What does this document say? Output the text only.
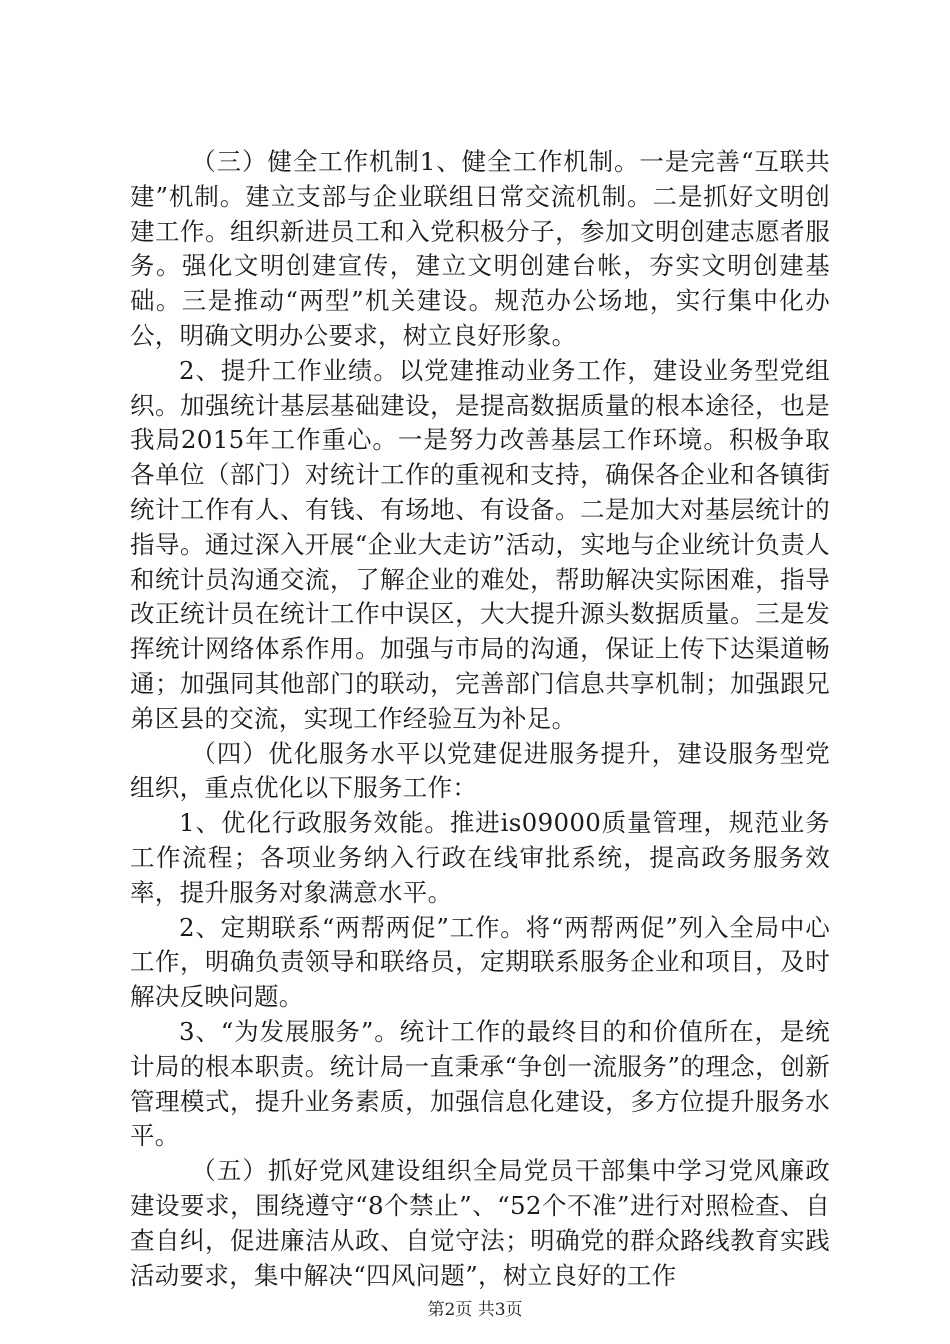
（三）健全工作机制1、健全工作机制。一是完善“互联共建”机制。建立支部与企业联组日常交流机制。二是抓好文明创建工作。组织新进员工和入党积极分子，参加文明创建志愿者服务。强化文明创建宣传，建立文明创建台帐，夯实文明创建基础。三是推动“两型”机关建设。规范办公场地，实行集中化办公，明确文明办公要求，树立良好形象。

2、提升工作业绩。以党建推动业务工作，建设业务型党组织。加强统计基层基础建设，是提高数据质量的根本途径，也是我局2015年工作重心。一是努力改善基层工作环境。积极争取各单位（部门）对统计工作的重视和支持，确保各企业和各镇街统计工作有人、有钱、有场地、有设备。二是加大对基层统计的指导。通过深入开展“企业大走访”活动，实地与企业统计负责人和统计员沟通交流，了解企业的难处，帮助解决实际困难，指导改正统计员在统计工作中误区，大大提升源头数据质量。三是发挥统计网络体系作用。加强与市局的沟通，保证上传下达渠道畅通；加强同其他部门的联动，完善部门信息共享机制；加强跟兄弟区县的交流，实现工作经验互为补足。

（四）优化服务水平以党建促进服务提升，建设服务型党组织，重点优化以下服务工作：

1、优化行政服务效能。推进is09000质量管理，规范业务工作流程；各项业务纳入行政在线审批系统，提高政务服务效率，提升服务对象满意水平。

2、定期联系“两帮两促”工作。将“两帮两促”列入全局中心工作，明确负责领导和联络员，定期联系服务企业和项目，及时解决反映问题。

3、“为发展服务”。统计工作的最终目的和价值所在，是统计局的根本职责。统计局一直秉承“争创一流服务”的理念，创新管理模式，提升业务素质，加强信息化建设，多方位提升服务水平。

（五）抓好党风建设组织全局党员干部集中学习党风廉政建设要求，围绕遵守“8个禁止”、“52个不准”进行对照检查、自查自纠，促进廉洁从政、自觉守法；明确党的群众路线教育实践活动要求，集中解决“四风问题”，树立良好的工作

第2页 共3页
